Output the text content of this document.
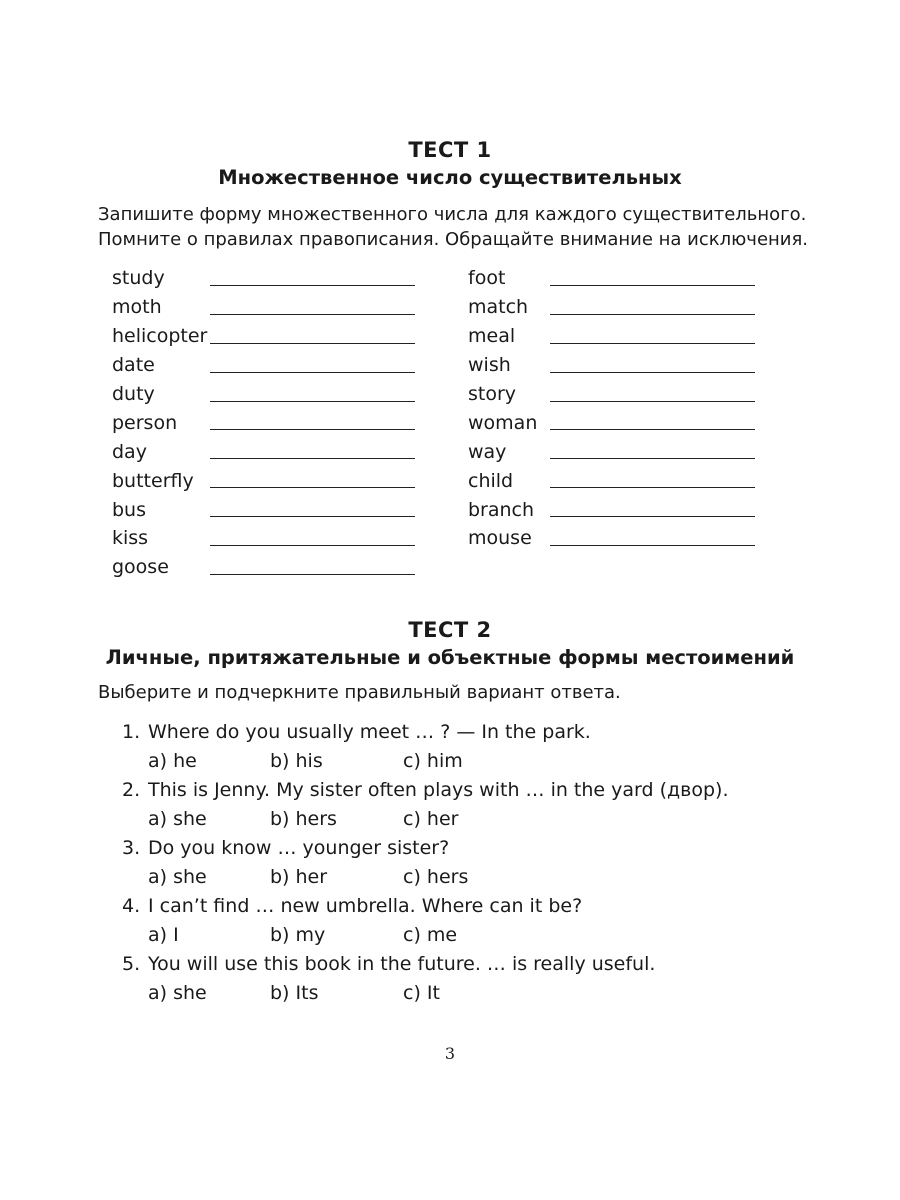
ТЕСТ 1
Множественное число существительных
Запишите форму множественного числа для каждого существительного.
Помните о правилах правописания. Обращайте внимание на исключения.
study
moth
helicopter
date
duty
person
day
butterfly
bus
kiss
goose
foot
match
meal
wish
story
woman
way
child
branch
mouse
ТЕСТ 2
Личные, притяжательные и объектные формы местоимений
Выберите и подчеркните правильный вариант ответа.
1. Where do you usually meet … ? — In the park.
a) he	b) his	c) him
2. This is Jenny. My sister often plays with … in the yard (двор).
a) she	b) hers	c) her
3. Do you know … younger sister?
a) she	b) her	c) hers
4. I can’t find … new umbrella. Where can it be?
a) I	b) my	c) me
5. You will use this book in the future. … is really useful.
a) she	b) Its	c) It
3
